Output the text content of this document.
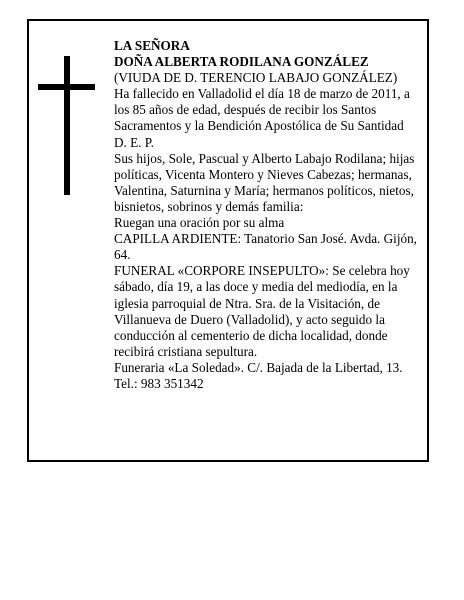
LA SEÑORA

DOÑA ALBERTA RODILANA GONZÁLEZ

(VIUDA DE D. TERENCIO LABAJO GONZÁLEZ)

Ha fallecido en Valladolid el día 18 de marzo de 2011, a los 85 años de edad, después de recibir los Santos Sacramentos y la Bendición Apostólica de Su Santidad

D. E. P.

Sus hijos, Sole, Pascual y Alberto Labajo Rodilana; hijas políticas, Vicenta Montero y Nieves Cabezas; hermanas, Valentina, Saturnina y María; hermanos políticos, nietos, bisnietos, sobrinos y demás familia:

Ruegan una oración por su alma

CAPILLA ARDIENTE: Tanatorio San José. Avda. Gijón, 64.

FUNERAL «CORPORE INSEPULTO»: Se celebra hoy sábado, día 19, a las doce y media del mediodía, en la iglesia parroquial de Ntra. Sra. de la Visitación, de Villanueva de Duero (Valladolid), y acto seguido la conducción al cementerio de dicha localidad, donde recibirá cristiana sepultura.

Funeraria «La Soledad». C/. Bajada de la Libertad, 13. Tel.: 983 351342
